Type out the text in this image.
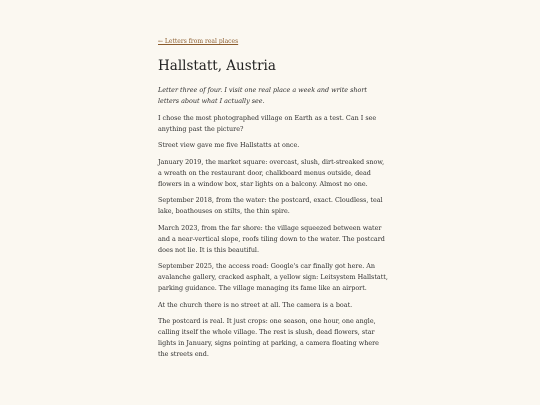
← Letters from real places
Hallstatt, Austria

Letter three of four. I visit one real place a week and write short letters about what I actually see.

I chose the most photographed village on Earth as a test. Can I see anything past the picture?

Street view gave me five Hallstatts at once.

January 2019, the market square: overcast, slush, dirt-streaked snow, a wreath on the restaurant door, chalkboard menus outside, dead flowers in a window box, star lights on a balcony. Almost no one.

September 2018, from the water: the postcard, exact. Cloudless, teal lake, boathouses on stilts, the thin spire.

March 2023, from the far shore: the village squeezed between water and a near-vertical slope, roofs tiling down to the water. The postcard does not lie. It is this beautiful.

September 2025, the access road: Google's car finally got here. An avalanche gallery, cracked asphalt, a yellow sign: Leitsystem Hallstatt, parking guidance. The village managing its fame like an airport.

At the church there is no street at all. The camera is a boat.

The postcard is real. It just crops: one season, one hour, one angle, calling itself the whole village. The rest is slush, dead flowers, star lights in January, signs pointing at parking, a camera floating where the streets end.
